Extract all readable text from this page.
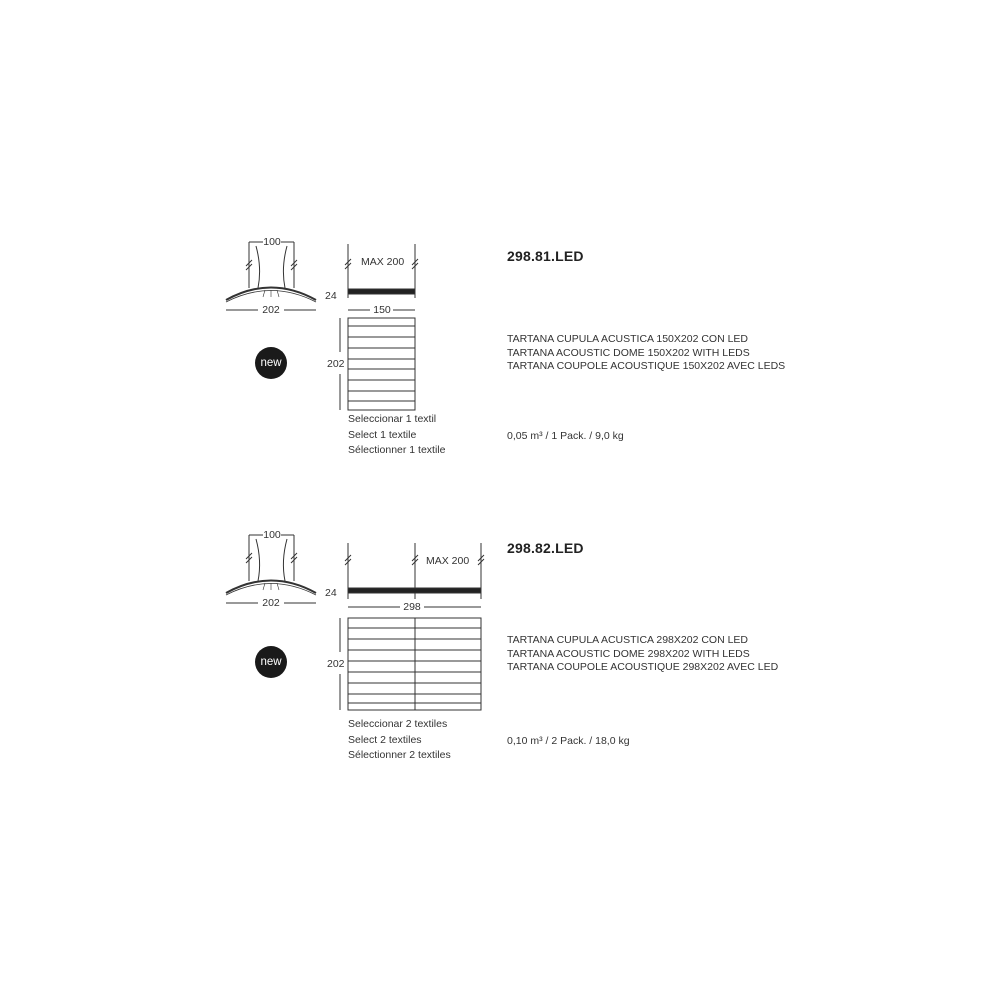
100
202
MAX 200
24
150
202
new
298.81.LED
TARTANA CUPULA ACUSTICA 150X202 CON LED
TARTANA ACOUSTIC DOME 150X202 WITH LEDS
TARTANA COUPOLE ACOUSTIQUE 150X202 AVEC LEDS
0,05 m³ / 1 Pack. / 9,0 kg
Seleccionar 1 textil
Select 1 textile
Sélectionner 1 textile
100
202
MAX 200
24
298
202
new
298.82.LED
TARTANA CUPULA ACUSTICA 298X202 CON LED
TARTANA ACOUSTIC DOME 298X202 WITH LEDS
TARTANA COUPOLE ACOUSTIQUE 298X202 AVEC LED
0,10 m³ / 2 Pack. / 18,0 kg
Seleccionar 2 textiles
Select 2 textiles
Sélectionner 2 textiles
